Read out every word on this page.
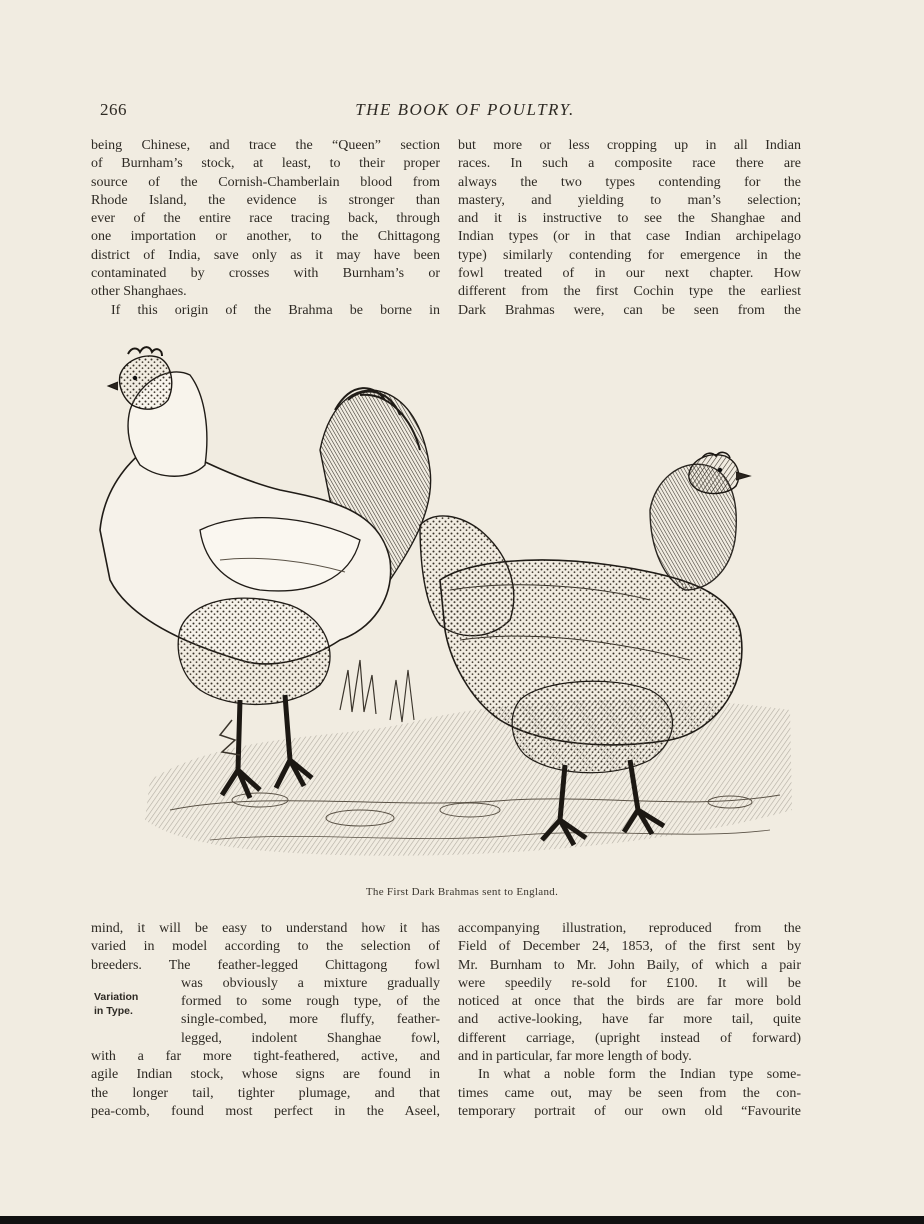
266	THE BOOK OF POULTRY.
being Chinese, and trace the “Queen” section
of Burnham’s stock, at least, to their proper
source of the Cornish-Chamberlain blood from
Rhode Island, the evidence is stronger than
ever of the entire race tracing back, through
one importation or another, to the Chittagong
district of India, save only as it may have been
contaminated by crosses with Burnham’s or
other Shanghaes.
If this origin of the Brahma be borne in
but more or less cropping up in all Indian
races. In such a composite race there are
always the two types contending for the
mastery, and yielding to man’s selection;
and it is instructive to see the Shanghae and
Indian types (or in that case Indian archipelago
type) similarly contending for emergence in the
fowl treated of in our next chapter. How
different from the first Cochin type the earliest
Dark Brahmas were, can be seen from the
The First Dark Brahmas sent to England.
mind, it will be easy to understand how it has
varied in model according to the selection of
breeders. The feather-legged Chittagong fowl
was obviously a mixture gradually
formed to some rough type, of the
single-combed, more fluffy, feather-
legged, indolent Shanghae fowl,
with a far more tight-feathered, active, and
agile Indian stock, whose signs are found in
the longer tail, tighter plumage, and that
pea-comb, found most perfect in the Aseel,
Variation
in Type.
accompanying illustration, reproduced from the
Field of December 24, 1853, of the first sent by
Mr. Burnham to Mr. John Baily, of which a pair
were speedily re-sold for £100. It will be
noticed at once that the birds are far more bold
and active-looking, have far more tail, quite
different carriage, (upright instead of forward)
and in particular, far more length of body.
In what a noble form the Indian type some-
times came out, may be seen from the con-
temporary portrait of our own old “Favourite
